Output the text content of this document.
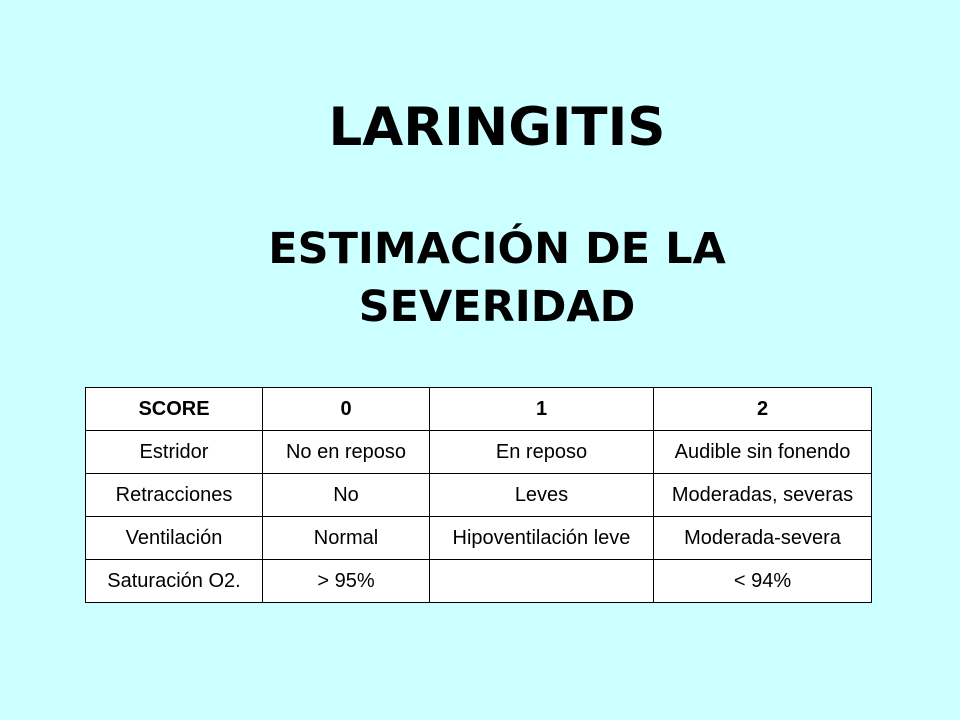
LARINGITIS
ESTIMACIÓN DE LA
SEVERIDAD
SCORE	0	1	2
Estridor	No en reposo	En reposo	Audible sin fonendo
Retracciones	No	Leves	Moderadas, severas
Ventilación	Normal	Hipoventilación leve	Moderada-severa
Saturación O2.	> 95%		< 94%
